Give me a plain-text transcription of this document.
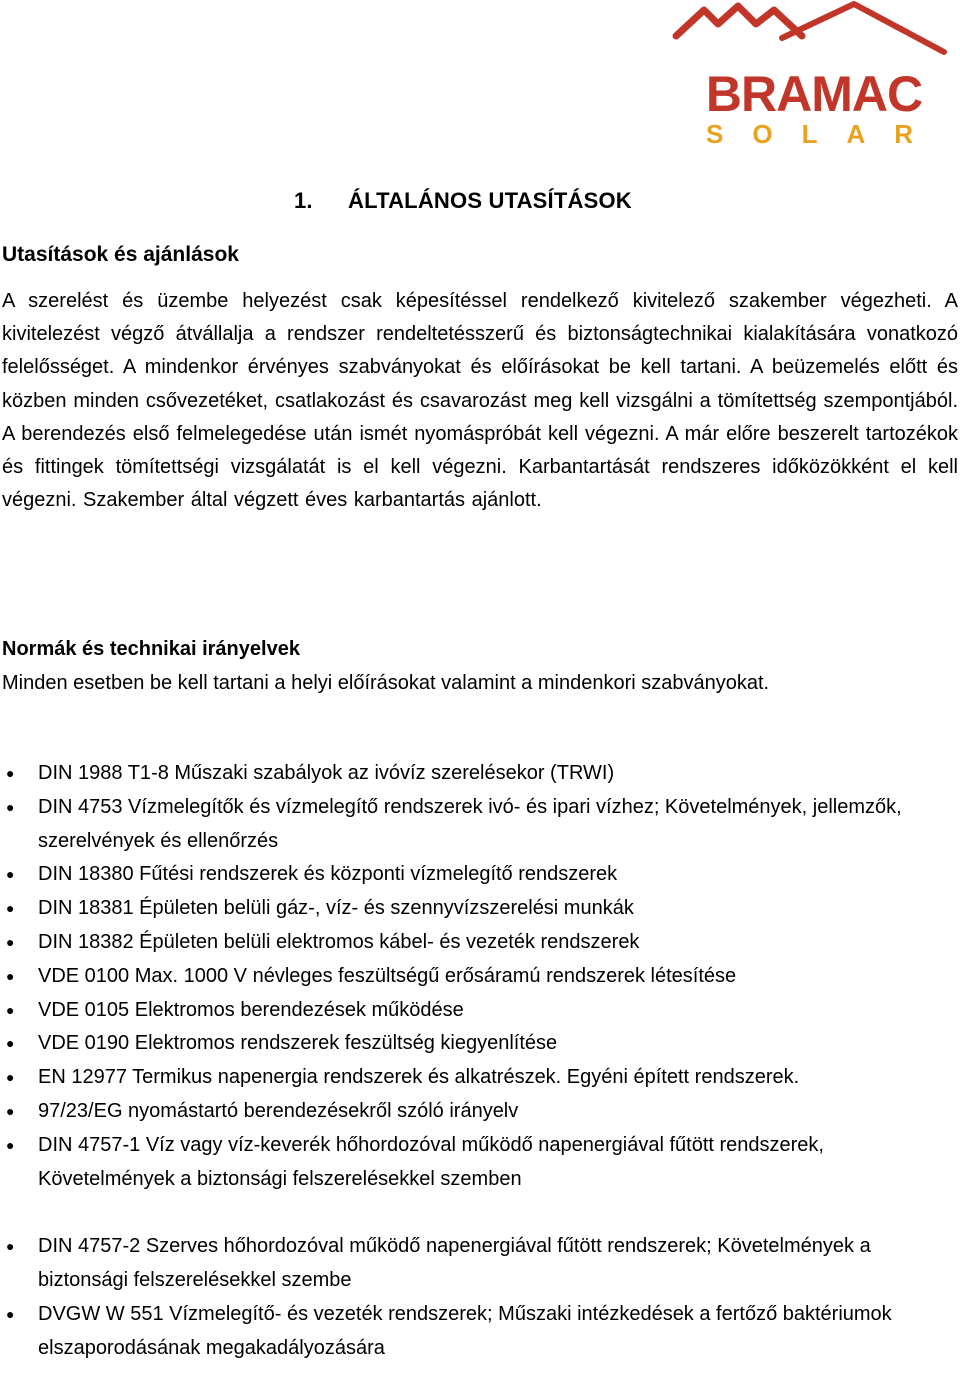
BRAMAC
SOLAR
1. ÁLTALÁNOS UTASÍTÁSOK
Utasítások és ajánlások
A szerelést és üzembe helyezést csak képesítéssel rendelkező kivitelező szakember végezheti. A kivitelezést végző átvállalja a rendszer rendeltetésszerű és biztonságtechnikai kialakítására vonatkozó felelősséget. A mindenkor érvényes szabványokat és előírásokat be kell tartani. A beüzemelés előtt és közben minden csővezetéket, csatlakozást és csavarozást meg kell vizsgálni a tömítettség szempontjából. A berendezés első felmelegedése után ismét nyomáspróbát kell végezni. A már előre beszerelt tartozékok és fittingek tömítettségi vizsgálatát is el kell végezni. Karbantartását rendszeres időközökként el kell végezni. Szakember által végzett éves karbantartás ajánlott.
Normák és technikai irányelvek
Minden esetben be kell tartani a helyi előírásokat valamint a mindenkori szabványokat.
● DIN 1988 T1-8 Műszaki szabályok az ivóvíz szerelésekor (TRWI)
● DIN 4753 Vízmelegítők és vízmelegítő rendszerek ivó- és ipari vízhez; Követelmények, jellemzők, szerelvények és ellenőrzés
● DIN 18380 Fűtési rendszerek és központi vízmelegítő rendszerek
● DIN 18381 Épületen belüli gáz-, víz- és szennyvízszerelési munkák
● DIN 18382 Épületen belüli elektromos kábel- és vezeték rendszerek
● VDE 0100 Max. 1000 V névleges feszültségű erősáramú rendszerek létesítése
● VDE 0105 Elektromos berendezések működése
● VDE 0190 Elektromos rendszerek feszültség kiegyenlítése
● EN 12977 Termikus napenergia rendszerek és alkatrészek. Egyéni épített rendszerek.
● 97/23/EG nyomástartó berendezésekről szóló irányelv
● DIN 4757-1 Víz vagy víz-keverék hőhordozóval működő napenergiával fűtött rendszerek, Követelmények a biztonsági felszerelésekkel szemben
● DIN 4757-2 Szerves hőhordozóval működő napenergiával fűtött rendszerek; Követelmények a biztonsági felszerelésekkel szembe
● DVGW W 551 Vízmelegítő- és vezeték rendszerek; Műszaki intézkedések a fertőző baktériumok elszaporodásának megakadályozására
